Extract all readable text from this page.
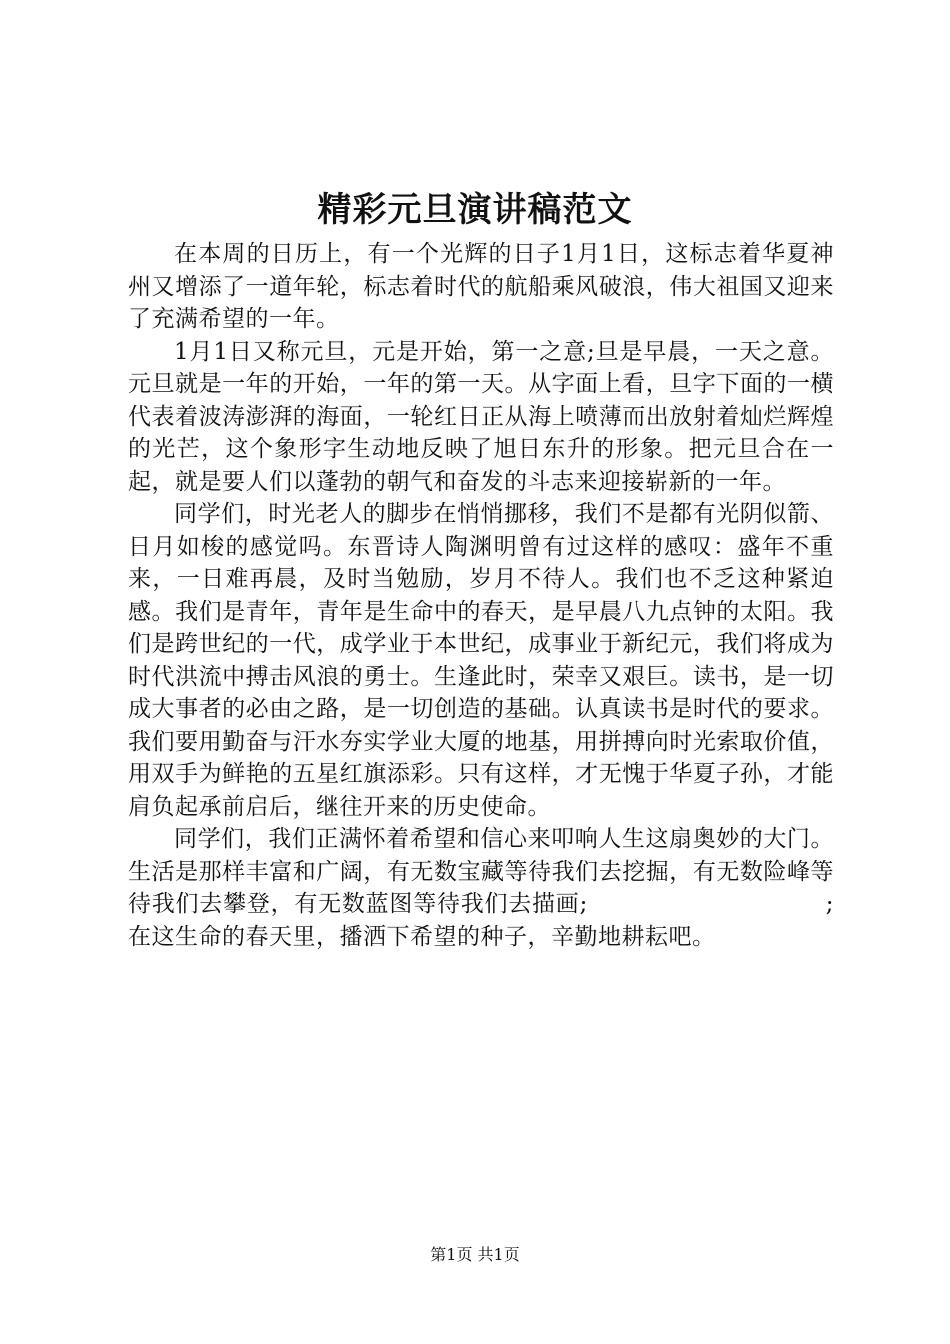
精彩元旦演讲稿范文

在本周的日历上，有一个光辉的日子1月1日，这标志着华夏神州又增添了一道年轮，标志着时代的航船乘风破浪，伟大祖国又迎来了充满希望的一年。

1月1日又称元旦，元是开始，第一之意;旦是早晨，一天之意。元旦就是一年的开始，一年的第一天。从字面上看，旦字下面的一横代表着波涛澎湃的海面，一轮红日正从海上喷薄而出放射着灿烂辉煌的光芒，这个象形字生动地反映了旭日东升的形象。把元旦合在一起，就是要人们以蓬勃的朝气和奋发的斗志来迎接崭新的一年。

同学们，时光老人的脚步在悄悄挪移，我们不是都有光阴似箭、日月如梭的感觉吗。东晋诗人陶渊明曾有过这样的感叹：盛年不重来，一日难再晨，及时当勉励，岁月不待人。我们也不乏这种紧迫感。我们是青年，青年是生命中的春天，是早晨八九点钟的太阳。我们是跨世纪的一代，成学业于本世纪，成事业于新纪元，我们将成为时代洪流中搏击风浪的勇士。生逢此时，荣幸又艰巨。读书，是一切成大事者的必由之路，是一切创造的基础。认真读书是时代的要求。我们要用勤奋与汗水夯实学业大厦的地基，用拼搏向时光索取价值，用双手为鲜艳的五星红旗添彩。只有这样，才无愧于华夏子孙，才能肩负起承前启后，继往开来的历史使命。

同学们，我们正满怀着希望和信心来叩响人生这扇奥妙的大门。生活是那样丰富和广阔，有无数宝藏等待我们去挖掘，有无数险峰等待我们去攀登，有无数蓝图等待我们去描画;　　　　　　　　　　;在这生命的春天里，播洒下希望的种子，辛勤地耕耘吧。

第1页 共1页
